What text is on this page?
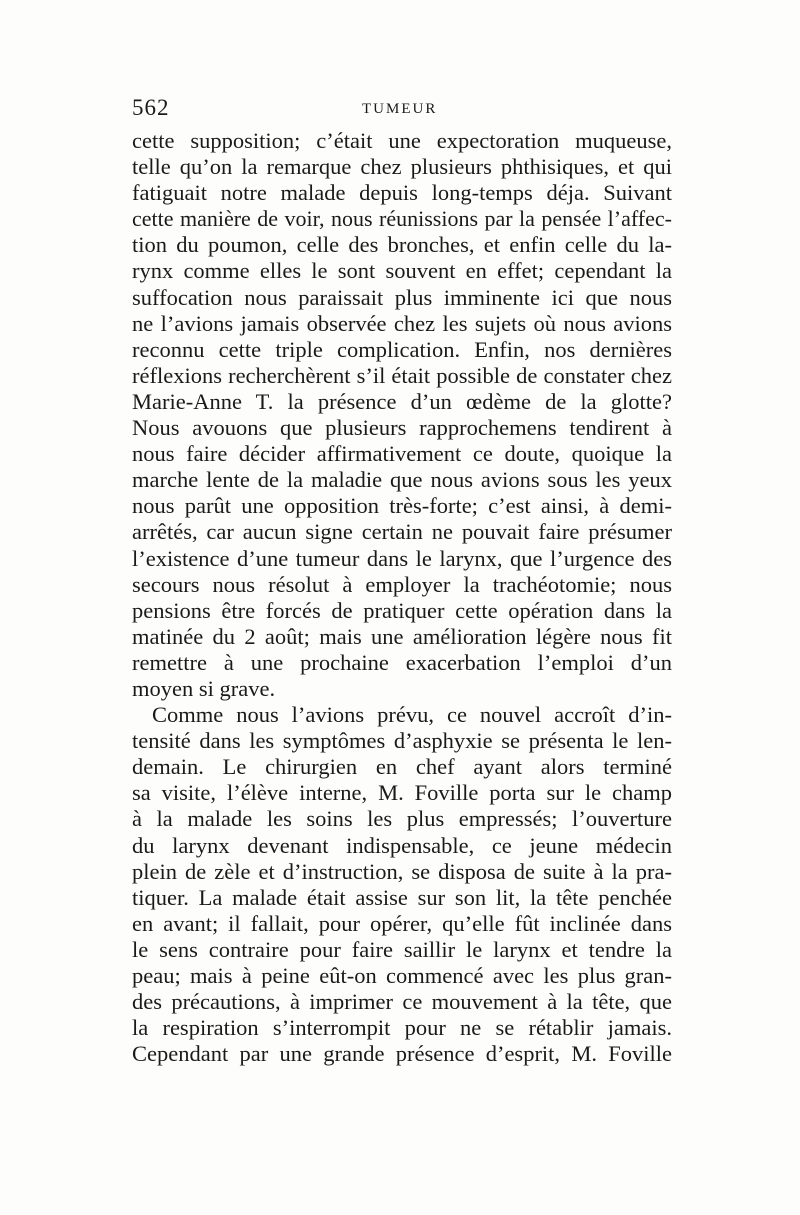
562	TUMEUR
cette supposition; c’était une expectoration muqueuse,
telle qu’on la remarque chez plusieurs phthisiques, et qui
fatiguait notre malade depuis long-temps déja. Suivant
cette manière de voir, nous réunissions par la pensée l’affec-
tion du poumon, celle des bronches, et enfin celle du la-
rynx comme elles le sont souvent en effet; cependant la
suffocation nous paraissait plus imminente ici que nous
ne l’avions jamais observée chez les sujets où nous avions
reconnu cette triple complication. Enfin, nos dernières
réflexions recherchèrent s’il était possible de constater chez
Marie-Anne T. la présence d’un œdème de la glotte?
Nous avouons que plusieurs rapprochemens tendirent à
nous faire décider affirmativement ce doute, quoique la
marche lente de la maladie que nous avions sous les yeux
nous parût une opposition très-forte; c’est ainsi, à demi-
arrêtés, car aucun signe certain ne pouvait faire présumer
l’existence d’une tumeur dans le larynx, que l’urgence des
secours nous résolut à employer la trachéotomie; nous
pensions être forcés de pratiquer cette opération dans la
matinée du 2 août; mais une amélioration légère nous fit
remettre à une prochaine exacerbation l’emploi d’un
moyen si grave.
Comme nous l’avions prévu, ce nouvel accroît d’in-
tensité dans les symptômes d’asphyxie se présenta le len-
demain. Le chirurgien en chef ayant alors terminé
sa visite, l’élève interne, M. Foville porta sur le champ
à la malade les soins les plus empressés; l’ouverture
du larynx devenant indispensable, ce jeune médecin
plein de zèle et d’instruction, se disposa de suite à la pra-
tiquer. La malade était assise sur son lit, la tête penchée
en avant; il fallait, pour opérer, qu’elle fût inclinée dans
le sens contraire pour faire saillir le larynx et tendre la
peau; mais à peine eût-on commencé avec les plus gran-
des précautions, à imprimer ce mouvement à la tête, que
la respiration s’interrompit pour ne se rétablir jamais.
Cependant par une grande présence d’esprit, M. Foville
